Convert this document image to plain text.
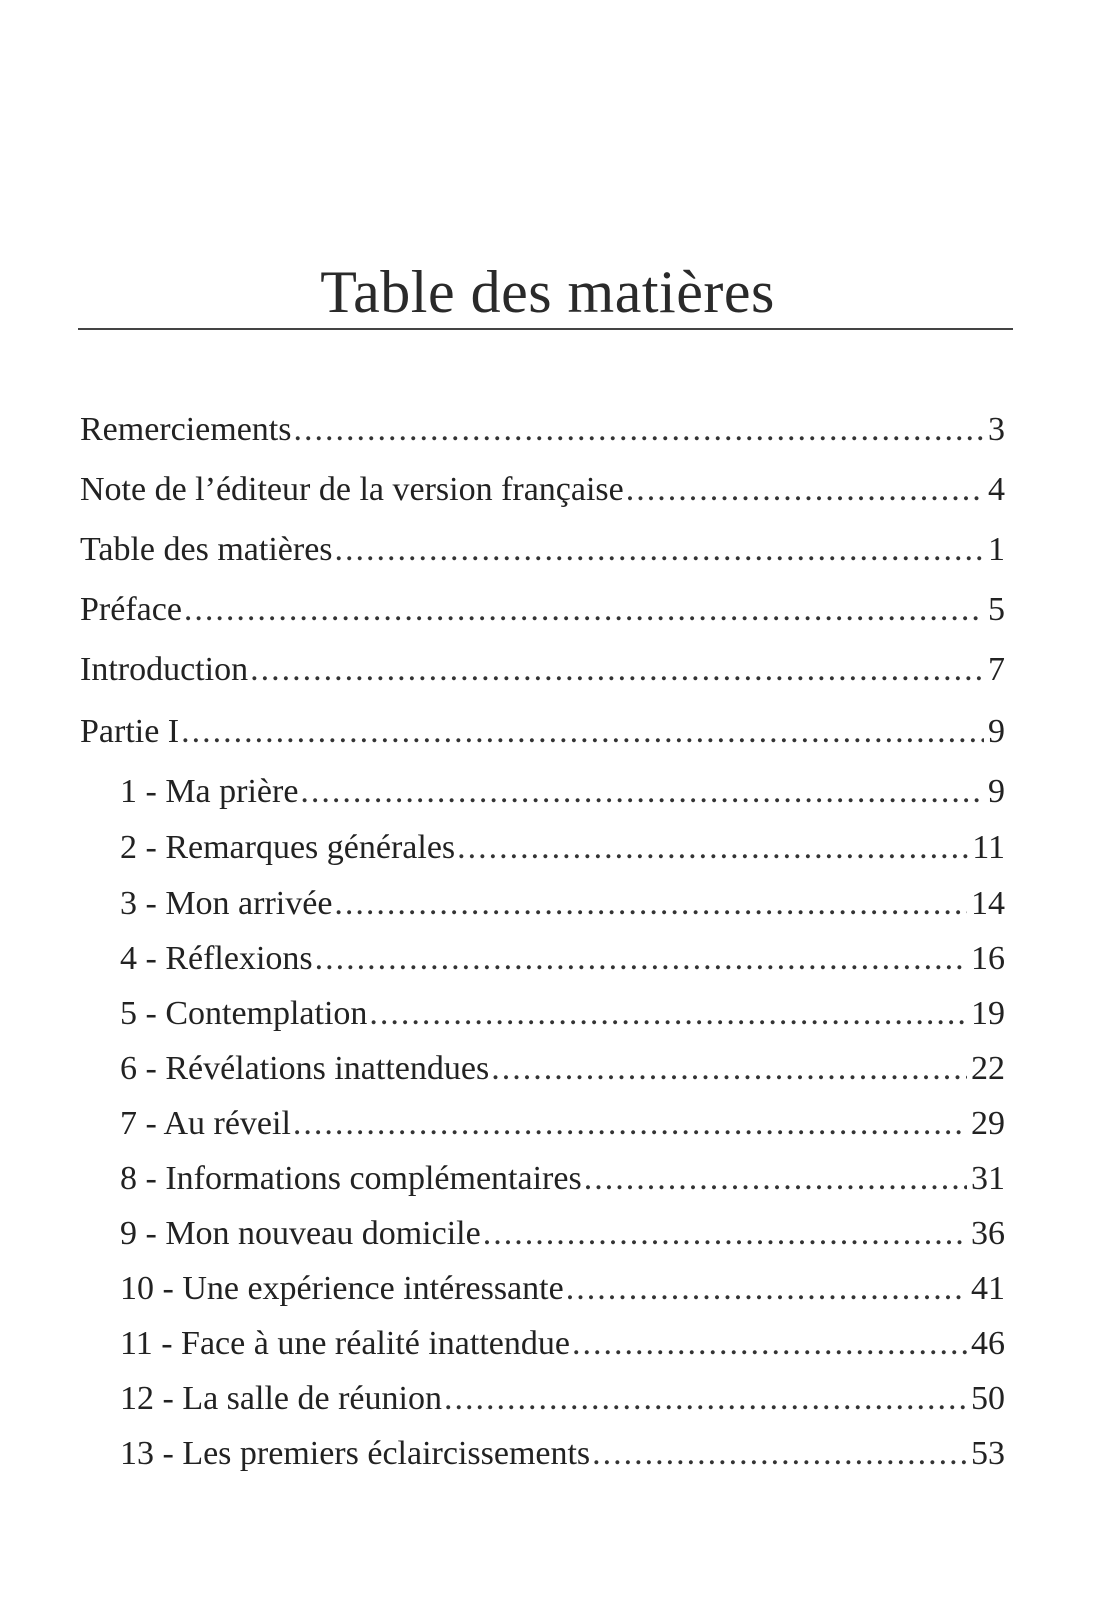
Table des matières
Remerciements .....	3
Note de l’éditeur de la version française .....	4
Table des matières .....	1
Préface .....	5
Introduction .....	7
Partie I .....	9
1 - Ma prière .....	9
2 - Remarques générales .....	11
3 - Mon arrivée .....	14
4 - Réflexions .....	16
5 - Contemplation .....	19
6 - Révélations inattendues .....	22
7 - Au réveil .....	29
8 - Informations complémentaires .....	31
9 - Mon nouveau domicile .....	36
10 - Une expérience intéressante .....	41
11 - Face à une réalité inattendue .....	46
12 - La salle de réunion .....	50
13 - Les premiers éclaircissements .....	53
